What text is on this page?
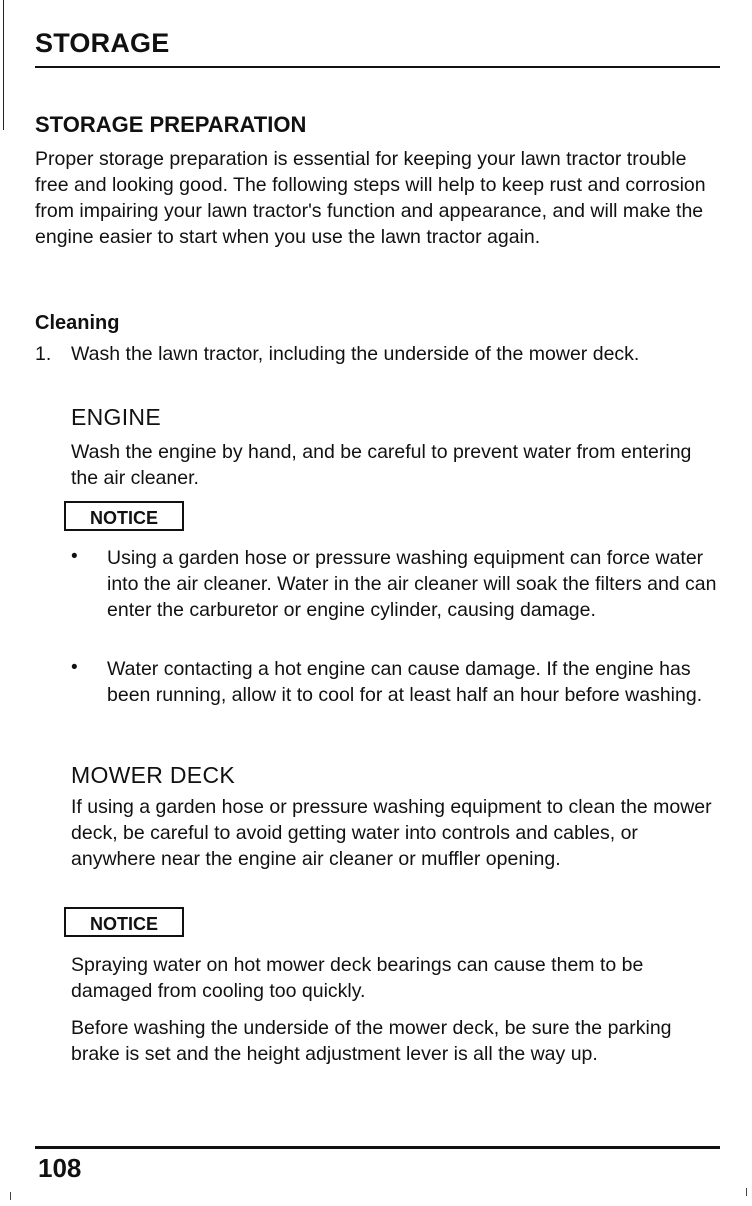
STORAGE
STORAGE PREPARATION
Proper storage preparation is essential for keeping your lawn tractor trouble free and looking good. The following steps will help to keep rust and corrosion from impairing your lawn tractor's function and appearance, and will make the engine easier to start when you use the lawn tractor again.
Cleaning
1. Wash the lawn tractor, including the underside of the mower deck.
ENGINE
Wash the engine by hand, and be careful to prevent water from entering the air cleaner.
NOTICE
• Using a garden hose or pressure washing equipment can force water into the air cleaner. Water in the air cleaner will soak the filters and can enter the carburetor or engine cylinder, causing damage.
• Water contacting a hot engine can cause damage. If the engine has been running, allow it to cool for at least half an hour before washing.
MOWER DECK
If using a garden hose or pressure washing equipment to clean the mower deck, be careful to avoid getting water into controls and cables, or anywhere near the engine air cleaner or muffler opening.
NOTICE
Spraying water on hot mower deck bearings can cause them to be damaged from cooling too quickly.
Before washing the underside of the mower deck, be sure the parking brake is set and the height adjustment lever is all the way up.
108
